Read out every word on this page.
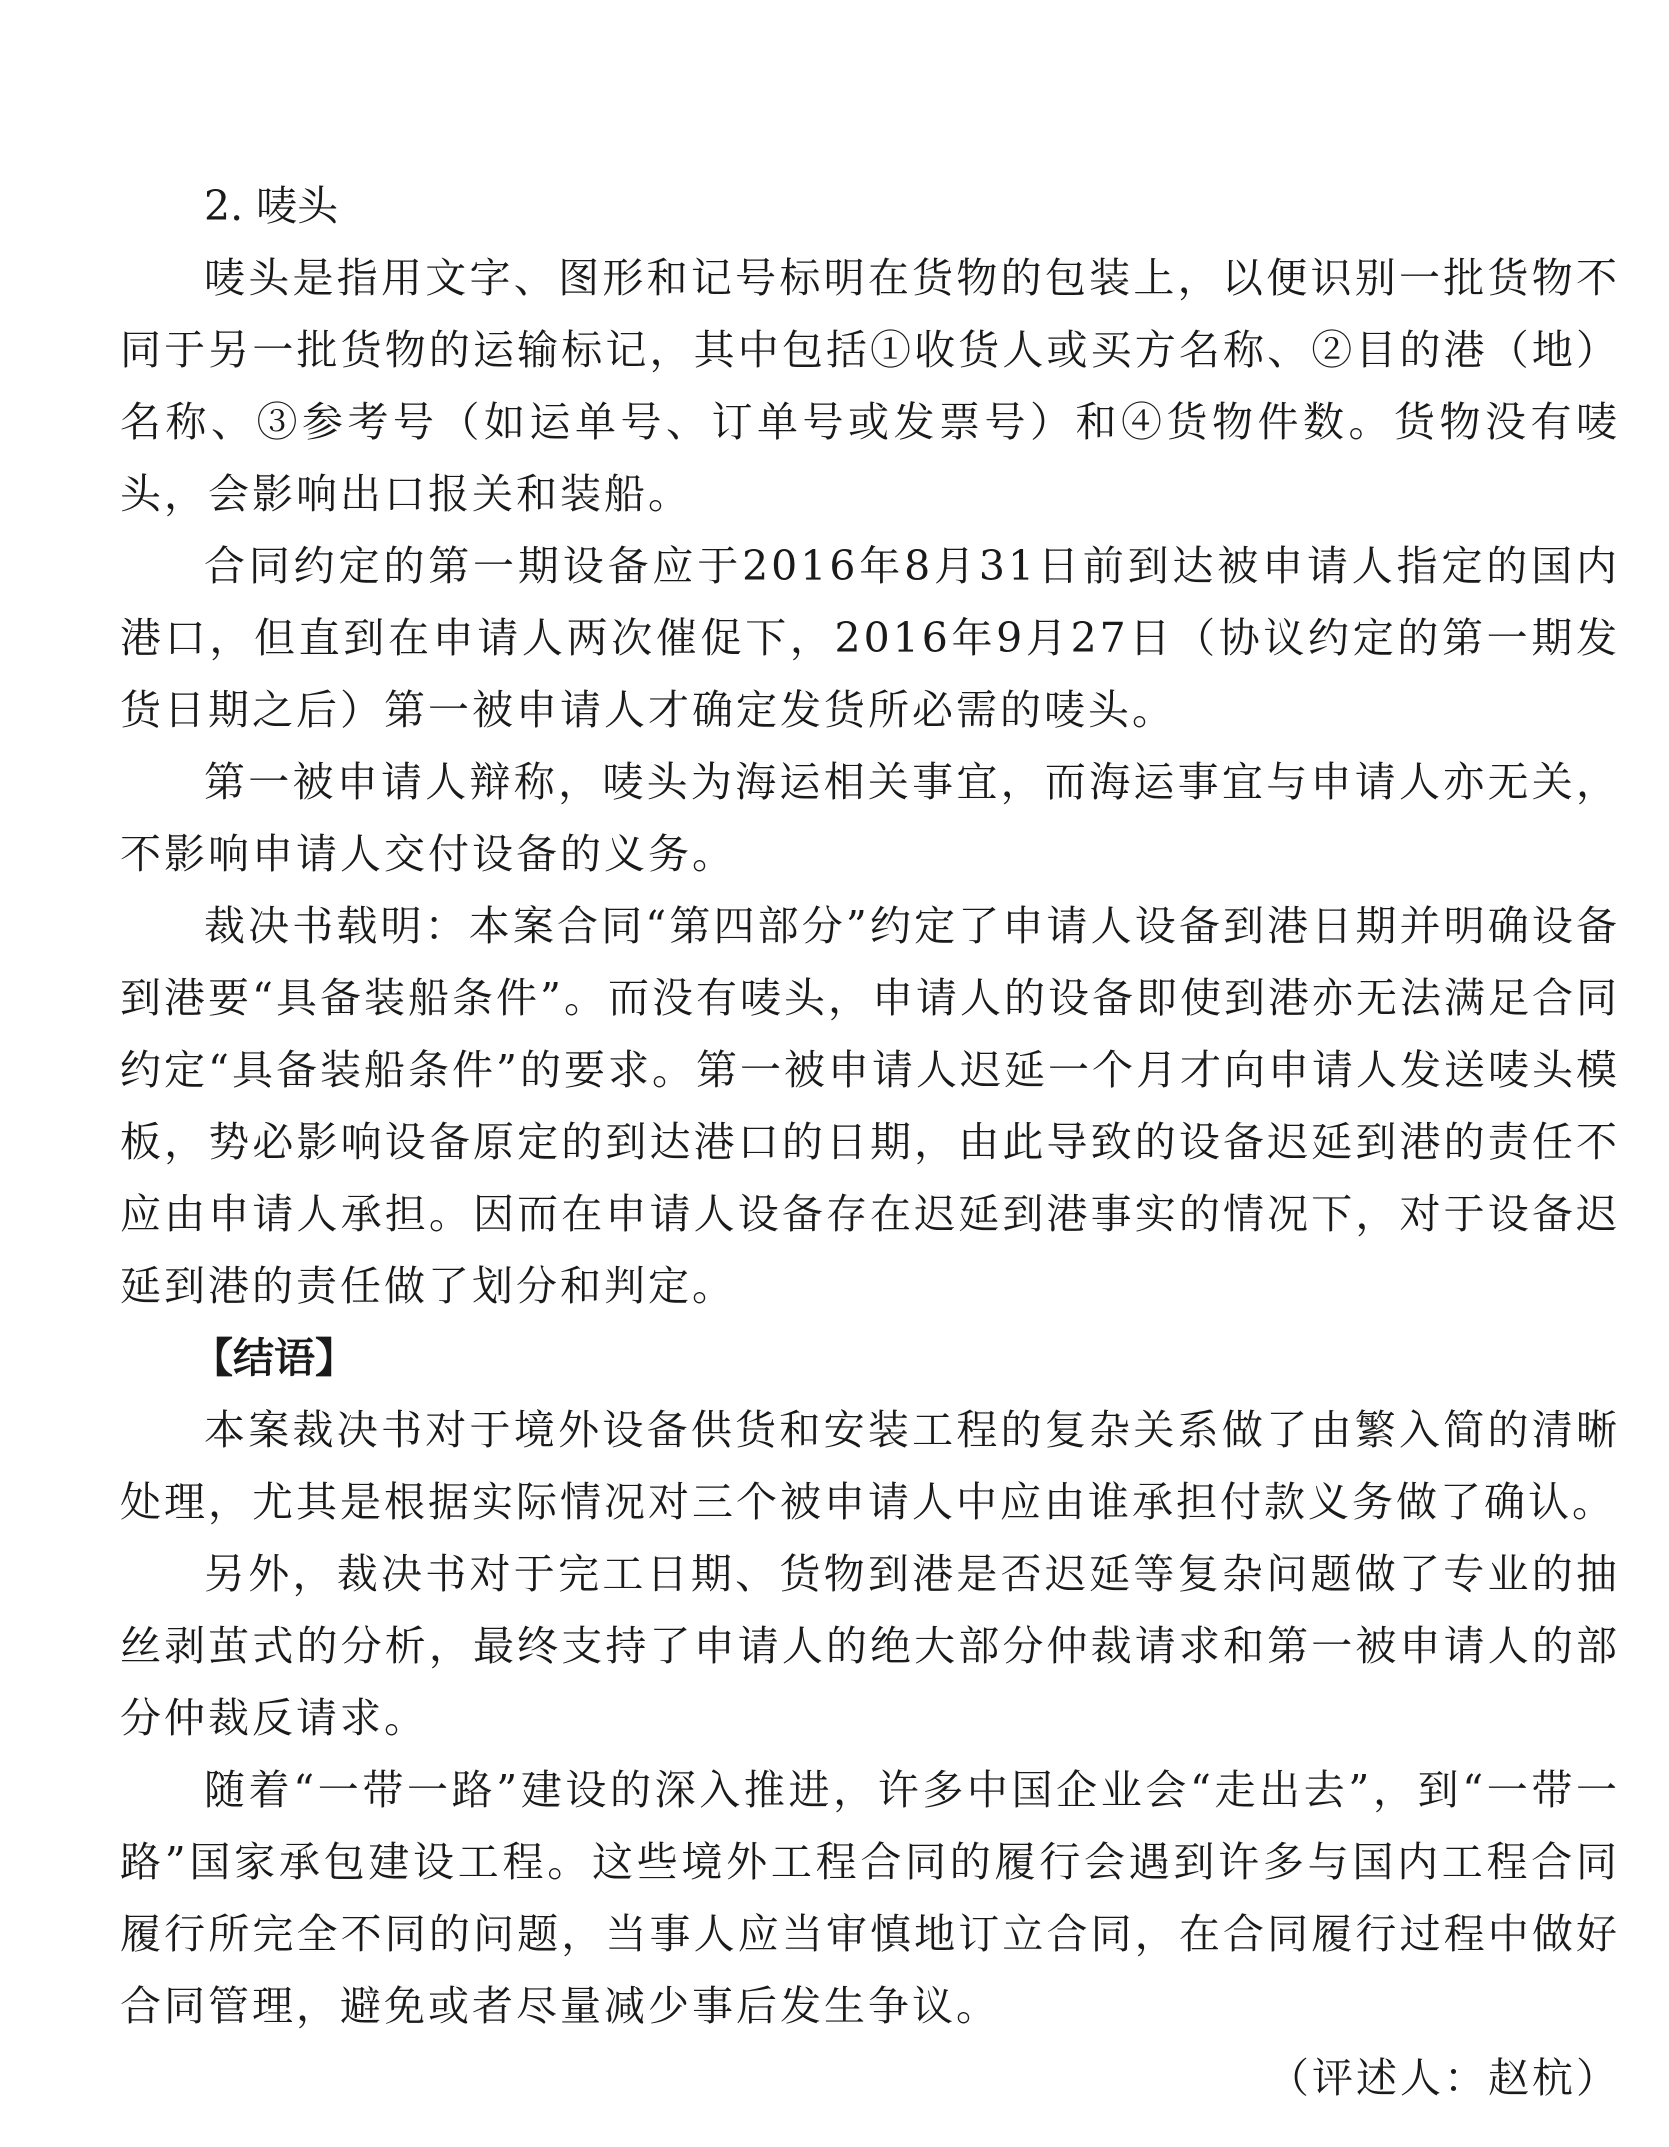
2. 唛头

唛头是指用文字、图形和记号标明在货物的包装上，以便识别一批货物不同于另一批货物的运输标记，其中包括①收货人或买方名称、②目的港（地）名称、③参考号（如运单号、订单号或发票号）和④货物件数。货物没有唛头，会影响出口报关和装船。

合同约定的第一期设备应于2016年8月31日前到达被申请人指定的国内港口，但直到在申请人两次催促下，2016年9月27日（协议约定的第一期发货日期之后）第一被申请人才确定发货所必需的唛头。

第一被申请人辩称，唛头为海运相关事宜，而海运事宜与申请人亦无关，不影响申请人交付设备的义务。

裁决书载明：本案合同“第四部分”约定了申请人设备到港日期并明确设备到港要“具备装船条件”。而没有唛头，申请人的设备即使到港亦无法满足合同约定“具备装船条件”的要求。第一被申请人迟延一个月才向申请人发送唛头模板，势必影响设备原定的到达港口的日期，由此导致的设备迟延到港的责任不应由申请人承担。因而在申请人设备存在迟延到港事实的情况下，对于设备迟延到港的责任做了划分和判定。

【结语】

本案裁决书对于境外设备供货和安装工程的复杂关系做了由繁入简的清晰处理，尤其是根据实际情况对三个被申请人中应由谁承担付款义务做了确认。

另外，裁决书对于完工日期、货物到港是否迟延等复杂问题做了专业的抽丝剥茧式的分析，最终支持了申请人的绝大部分仲裁请求和第一被申请人的部分仲裁反请求。

随着“一带一路”建设的深入推进，许多中国企业会“走出去”，到“一带一路”国家承包建设工程。这些境外工程合同的履行会遇到许多与国内工程合同履行所完全不同的问题，当事人应当审慎地订立合同，在合同履行过程中做好合同管理，避免或者尽量减少事后发生争议。

（评述人：赵杭）
